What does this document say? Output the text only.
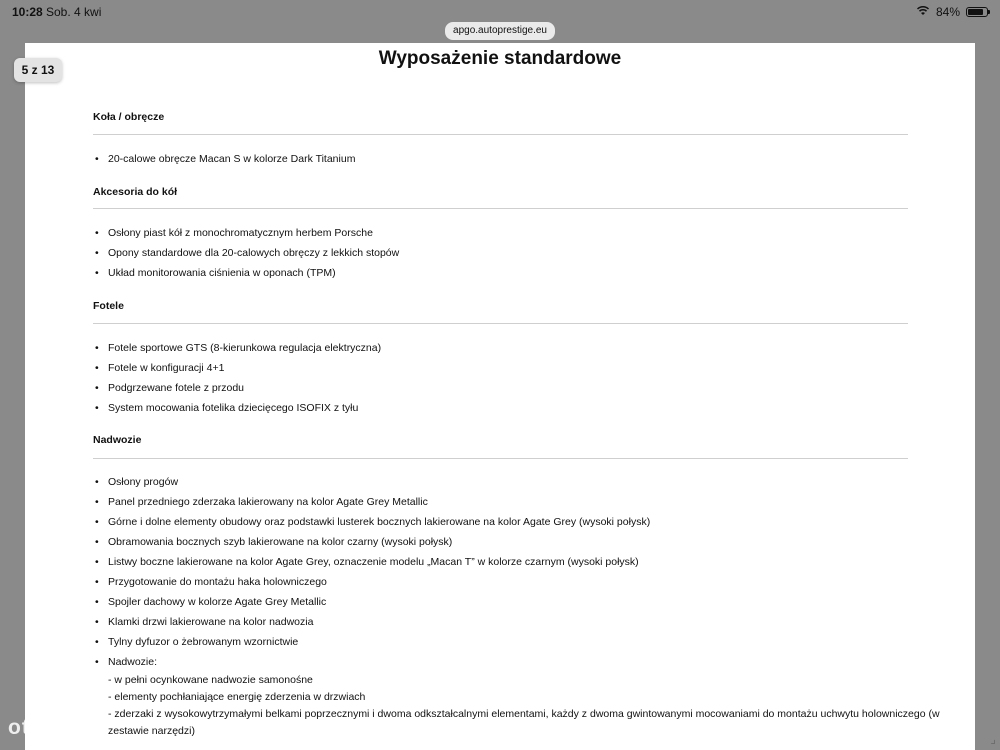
10:28 Sob. 4 kwi	84%
apgo.autoprestige.eu
5 z 13
Wyposażenie standardowe
Koła / obręcze
• 20-calowe obręcze Macan S w kolorze Dark Titanium
Akcesoria do kół
• Osłony piast kół z monochromatycznym herbem Porsche
• Opony standardowe dla 20-calowych obręczy z lekkich stopów
• Układ monitorowania ciśnienia w oponach (TPM)
Fotele
• Fotele sportowe GTS (8-kierunkowa regulacja elektryczna)
• Fotele w konfiguracji 4+1
• Podgrzewane fotele z przodu
• System mocowania fotelika dziecięcego ISOFIX z tyłu
Nadwozie
• Osłony progów
• Panel przedniego zderzaka lakierowany na kolor Agate Grey Metallic
• Górne i dolne elementy obudowy oraz podstawki lusterek bocznych lakierowane na kolor Agate Grey (wysoki połysk)
• Obramowania bocznych szyb lakierowane na kolor czarny (wysoki połysk)
• Listwy boczne lakierowane na kolor Agate Grey, oznaczenie modelu „Macan T” w kolorze czarnym (wysoki połysk)
• Przygotowanie do montażu haka holowniczego
• Spojler dachowy w kolorze Agate Grey Metallic
• Klamki drzwi lakierowane na kolor nadwozia
• Tylny dyfuzor o żebrowanym wzornictwie
• Nadwozie:
- w pełni ocynkowane nadwozie samonośne
- elementy pochłaniające energię zderzenia w drzwiach
- zderzaki z wysokowytrzymałymi belkami poprzecznymi i dwoma odkształcalnymi elementami, każdy z dwoma gwintowanymi mocowaniami do montażu uchwytu holowniczego (w
zestawie narzędzi)
otomoto	⌟
